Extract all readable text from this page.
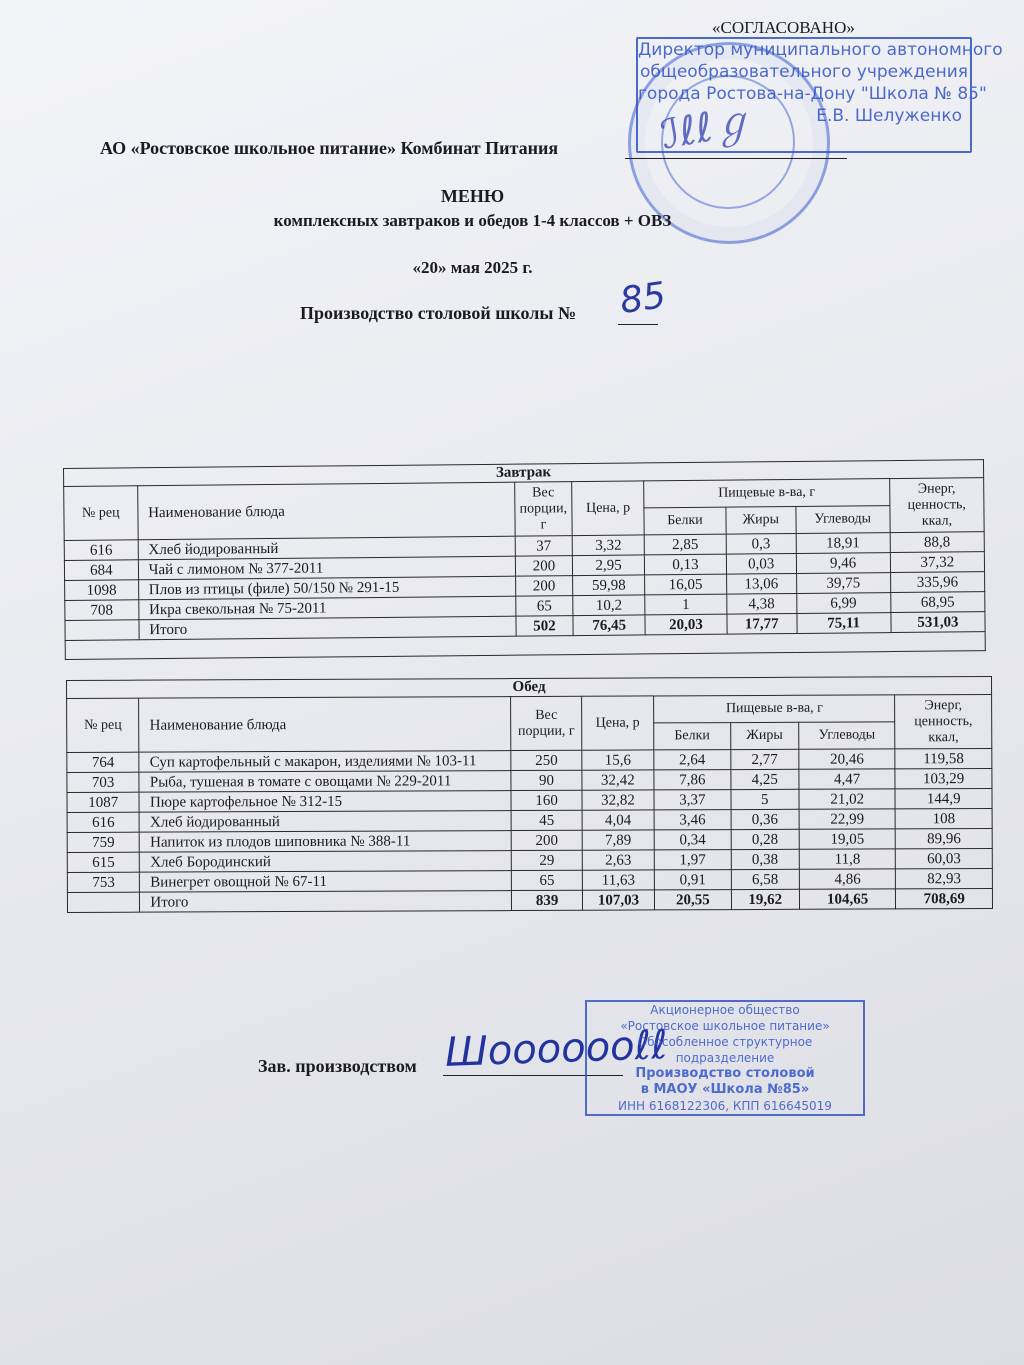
«СОГЛАСОВАНО»
Директор муниципального автономного
общеобразовательного учреждения
города Ростова-на-Дону "Школа № 85"
Е.В. Шелуженко
ℐℓℓℊ
АО «Ростовское школьное питание» Комбинат Питания
МЕНЮ
комплексных завтраков и обедов 1-4 классов + ОВЗ
«20» мая 2025 г.
Производство столовой школы № 85
Завтрак							
№ рец	Наименование блюда	Вес порции, г	Цена, р	Пищевые в-ва, г			Энерг, ценность, ккал,
				Белки	Жиры	Углеводы	
616	Хлеб йодированный	37	3,32	2,85	0,3	18,91	88,8
684	Чай с лимоном № 377-2011	200	2,95	0,13	0,03	9,46	37,32
1098	Плов из птицы (филе) 50/150 № 291-15	200	59,98	16,05	13,06	39,75	335,96
708	Икра свекольная № 75-2011	65	10,2	1	4,38	6,99	68,95
	Итого	502	76,45	20,03	17,77	75,11	531,03

Обед							
№ рец	Наименование блюда	Вес порции, г	Цена, р	Пищевые в-ва, г			Энерг, ценность, ккал,
				Белки	Жиры	Углеводы	
764	Суп картофельный с макарон, изделиями № 103-11	250	15,6	2,64	2,77	20,46	119,58
703	Рыба, тушеная в томате с овощами № 229-2011	90	32,42	7,86	4,25	4,47	103,29
1087	Пюре картофельное № 312-15	160	32,82	3,37	5	21,02	144,9
616	Хлеб йодированный	45	4,04	3,46	0,36	22,99	108
759	Напиток из плодов шиповника № 388-11	200	7,89	0,34	0,28	19,05	89,96
615	Хлеб Бородинский	29	2,63	1,97	0,38	11,8	60,03
753	Винегрет овощной № 67-11	65	11,63	0,91	6,58	4,86	82,93
	Итого	839	107,03	20,55	19,62	104,65	708,69
Зав. производством Шооооооℓℓ
Акционерное общество
«Ростовское школьное питание»
Обособленное структурное подразделение
Производство столовой
в МАОУ «Школа №85»
ИНН 6168122306, КПП 616645019
